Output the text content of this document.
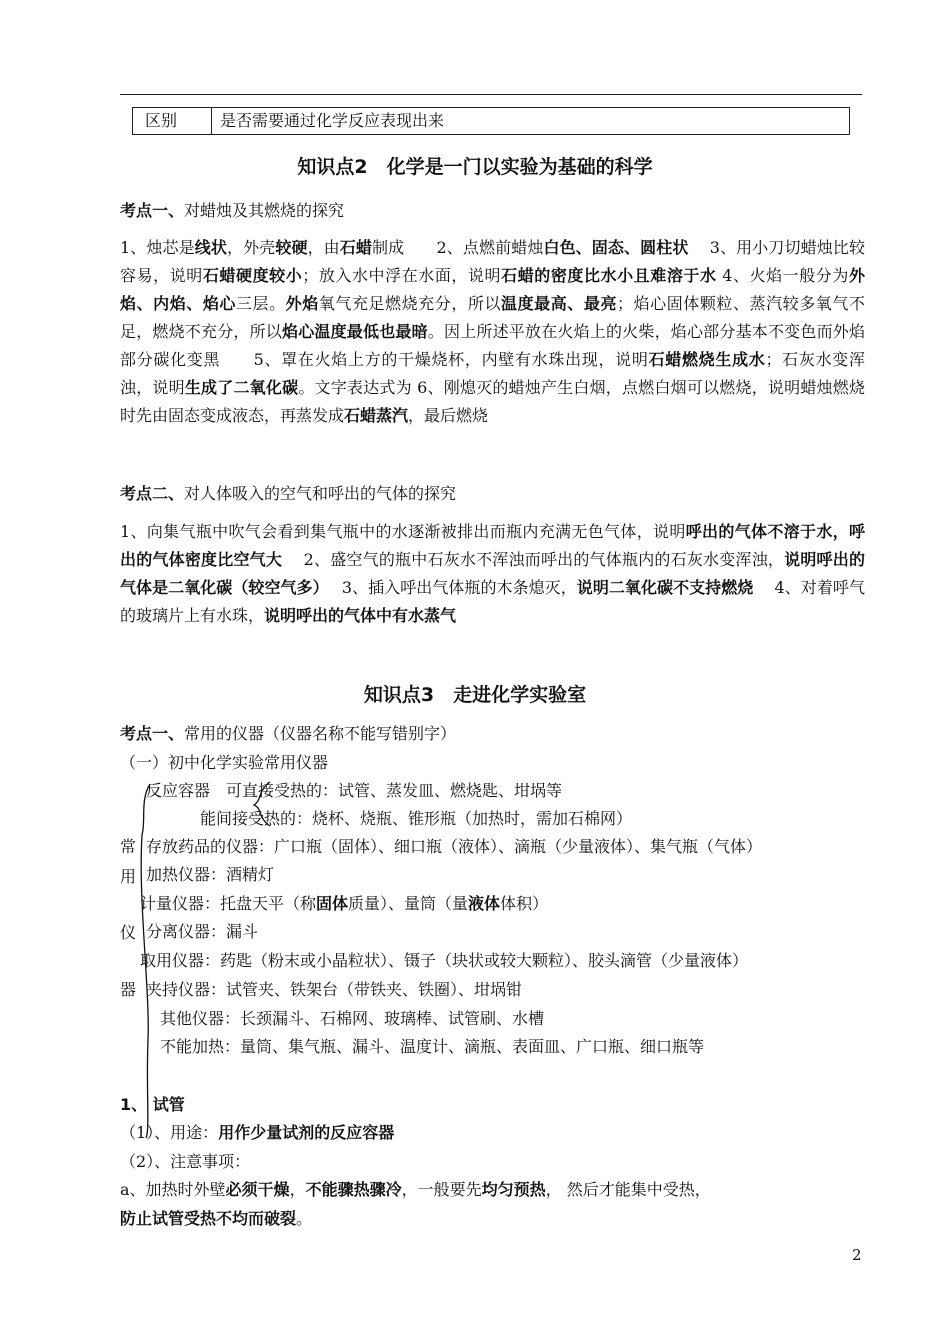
区别	是否需要通过化学反应表现出来
知识点2　化学是一门以实验为基础的科学
考点一、对蜡烛及其燃烧的探究
1、烛芯是线状，外壳较硬，由石蜡制成　　2、点燃前蜡烛白色、固态、圆柱状　 3、用小刀切蜡烛比较容易，说明石蜡硬度较小；放入水中浮在水面，说明石蜡的密度比水小且难溶于水 4、火焰一般分为外焰、内焰、焰心三层。外焰氧气充足燃烧充分，所以温度最高、最亮；焰心固体颗粒、蒸汽较多氧气不足，燃烧不充分，所以焰心温度最低也最暗。因上所述平放在火焰上的火柴，焰心部分基本不变色而外焰部分碳化变黑　　5、罩在火焰上方的干燥烧杯，内壁有水珠出现，说明石蜡燃烧生成水；石灰水变浑浊，说明生成了二氧化碳。文字表达式为 6、刚熄灭的蜡烛产生白烟，点燃白烟可以燃烧，说明蜡烛燃烧时先由固态变成液态，再蒸发成石蜡蒸汽，最后燃烧
考点二、对人体吸入的空气和呼出的气体的探究
1、向集气瓶中吹气会看到集气瓶中的水逐渐被排出而瓶内充满无色气体，说明呼出的气体不溶于水，呼出的气体密度比空气大　 2、盛空气的瓶中石灰水不浑浊而呼出的气体瓶内的石灰水变浑浊，说明呼出的气体是二氧化碳（较空气多）　 3、插入呼出气体瓶的木条熄灭，说明二氧化碳不支持燃烧　 4、对着呼气的玻璃片上有水珠，说明呼出的气体中有水蒸气
知识点3　走进化学实验室
考点一、常用的仪器（仪器名称不能写错别字）
（一）初中化学实验常用仪器
常
用
仪
器
反应容器　可直接受热的：试管、蒸发皿、燃烧匙、坩埚等
能间接受热的：烧杯、烧瓶、锥形瓶（加热时，需加石棉网）
存放药品的仪器：广口瓶（固体）、细口瓶（液体）、滴瓶（少量液体）、集气瓶（气体）
加热仪器：酒精灯
计量仪器：托盘天平（称固体质量）、量筒（量液体体积）
分离仪器：漏斗
取用仪器：药匙（粉末或小晶粒状）、镊子（块状或较大颗粒）、胶头滴管（少量液体）
夹持仪器：试管夹、铁架台（带铁夹、铁圈）、坩埚钳
其他仪器：长颈漏斗、石棉网、玻璃棒、试管刷、水槽
不能加热：量筒、集气瓶、漏斗、温度计、滴瓶、表面皿、广口瓶、细口瓶等
1、 试管
（1）、用途：用作少量试剂的反应容器
（2）、注意事项：
a、加热时外壁必须干燥，不能骤热骤冷，一般要先均匀预热， 然后才能集中受热，
防止试管受热不均而破裂。
2
